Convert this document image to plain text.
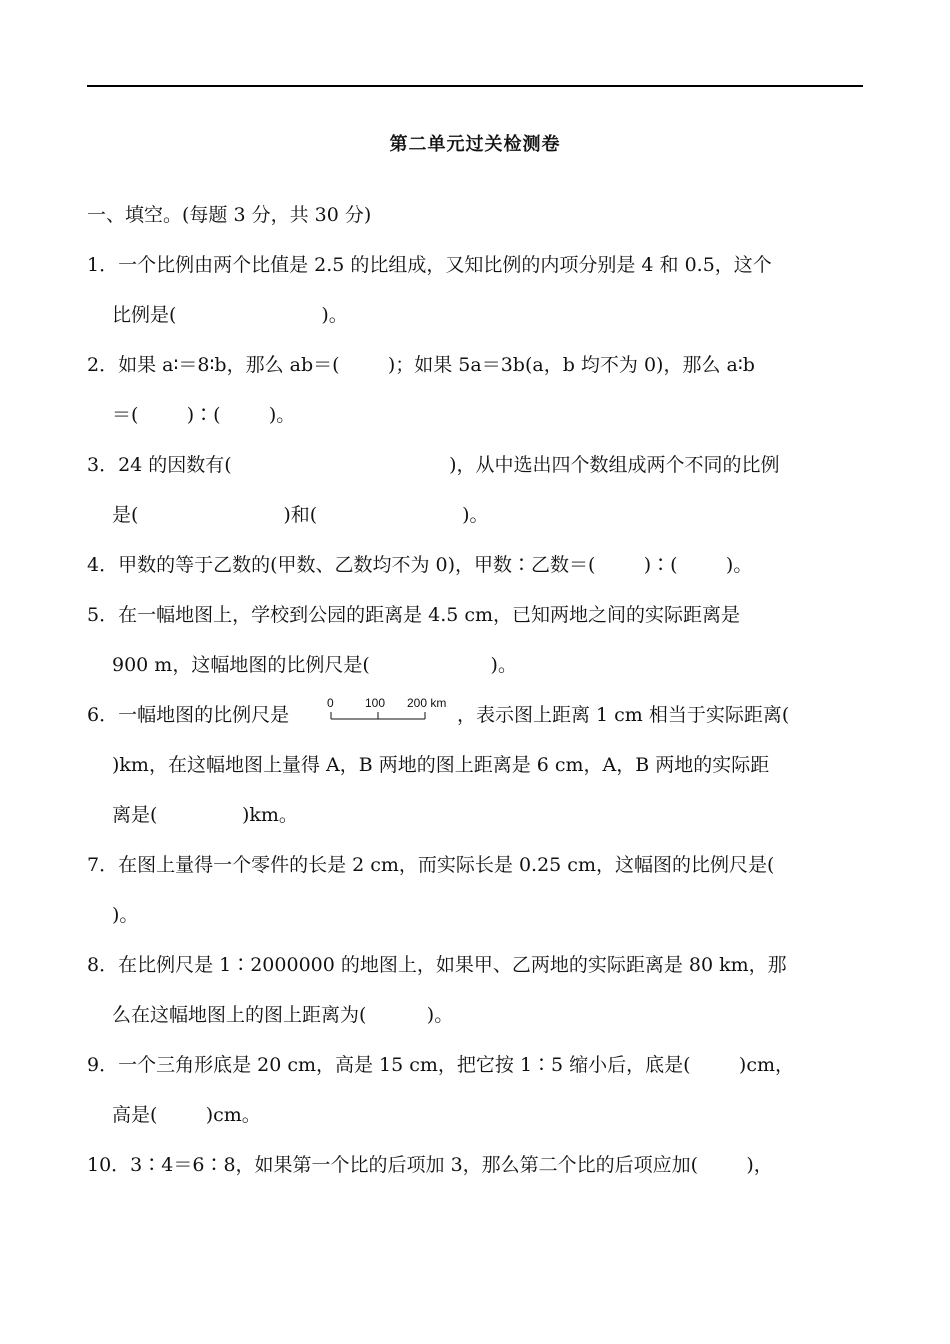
第二单元过关检测卷
一、填空。(每题 3 分，共 30 分)
1．一个比例由两个比值是 2.5 的比组成，又知比例的内项分别是 4 和 0.5，这个
比例是(                        )。
2．如果 a∶＝8∶b，那么 ab＝(        )；如果 5a＝3b(a，b 均不为 0)，那么 a∶b
＝(        )∶(        )。
3．24 的因数有(                                    )，从中选出四个数组成两个不同的比例
是(                        )和(                        )。
4．甲数的等于乙数的(甲数、乙数均不为 0)，甲数∶乙数＝(        )∶(        )。
5．在一幅地图上，学校到公园的距离是 4.5 cm，已知两地之间的实际距离是
900 m，这幅地图的比例尺是(                    )。
6．一幅地图的比例尺是
0	100 200 km
，表示图上距离 1 cm 相当于实际距离(
)km，在这幅地图上量得 A，B 两地的图上距离是 6 cm，A，B 两地的实际距
离是(              )km。
7．在图上量得一个零件的长是 2 cm，而实际长是 0.25 cm，这幅图的比例尺是(
)。
8．在比例尺是 1∶2000000 的地图上，如果甲、乙两地的实际距离是 80 km，那
么在这幅地图上的图上距离为(          )。
9．一个三角形底是 20 cm，高是 15 cm，把它按 1∶5 缩小后，底是(        )cm，
高是(        )cm。
10．3∶4＝6∶8，如果第一个比的后项加 3，那么第二个比的后项应加(        )，
